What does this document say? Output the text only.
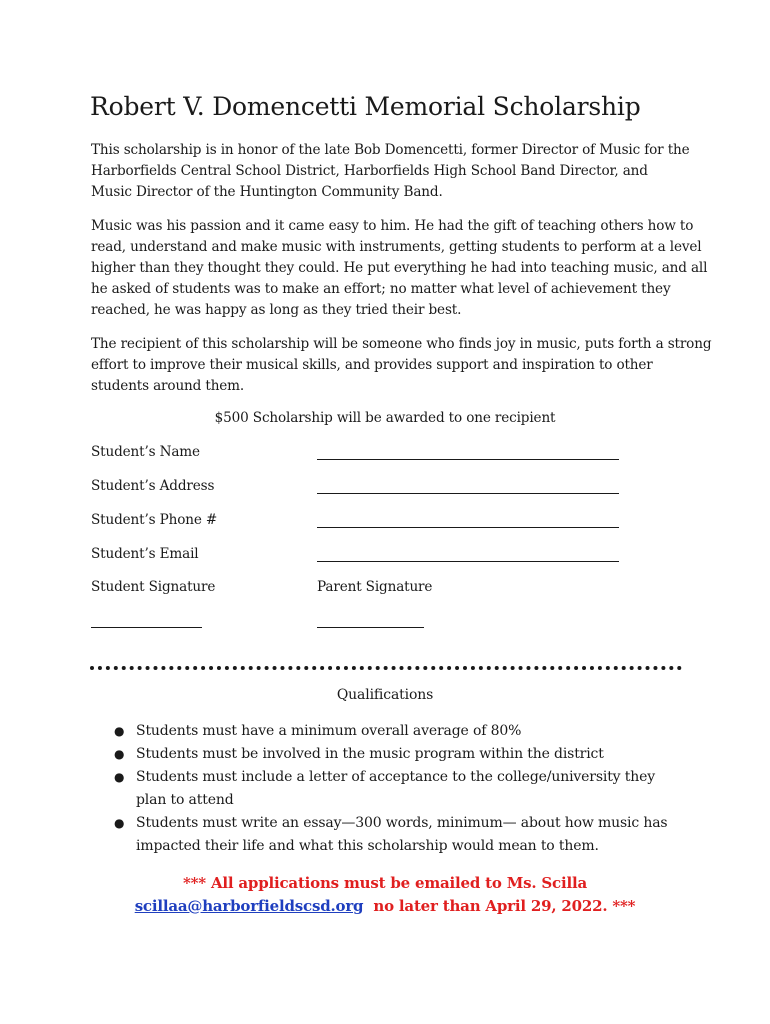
Robert V. Domencetti Memorial Scholarship

This scholarship is in honor of the late Bob Domencetti, former Director of Music for the
Harborfields Central School District, Harborfields High School Band Director, and
Music Director of the Huntington Community Band.

Music was his passion and it came easy to him. He had the gift of teaching others how to
read, understand and make music with instruments, getting students to perform at a level
higher than they thought they could. He put everything he had into teaching music, and all
he asked of students was to make an effort; no matter what level of achievement they
reached, he was happy as long as they tried their best.

The recipient of this scholarship will be someone who finds joy in music, puts forth a strong
effort to improve their musical skills, and provides support and inspiration to other
students around them.

$500 Scholarship will be awarded to one recipient
Student’s Name
Student’s Address
Student’s Phone #
Student’s Email
Student Signature	Parent Signature
Qualifications
● Students must have a minimum overall average of 80%
● Students must be involved in the music program within the district
● Students must include a letter of acceptance to the college/university they
plan to attend
● Students must write an essay—300 words, minimum— about how music has
impacted their life and what this scholarship would mean to them.
*** All applications must be emailed to Ms. Scilla
scillaa@harborfieldscsd.org  no later than April 29, 2022. ***
